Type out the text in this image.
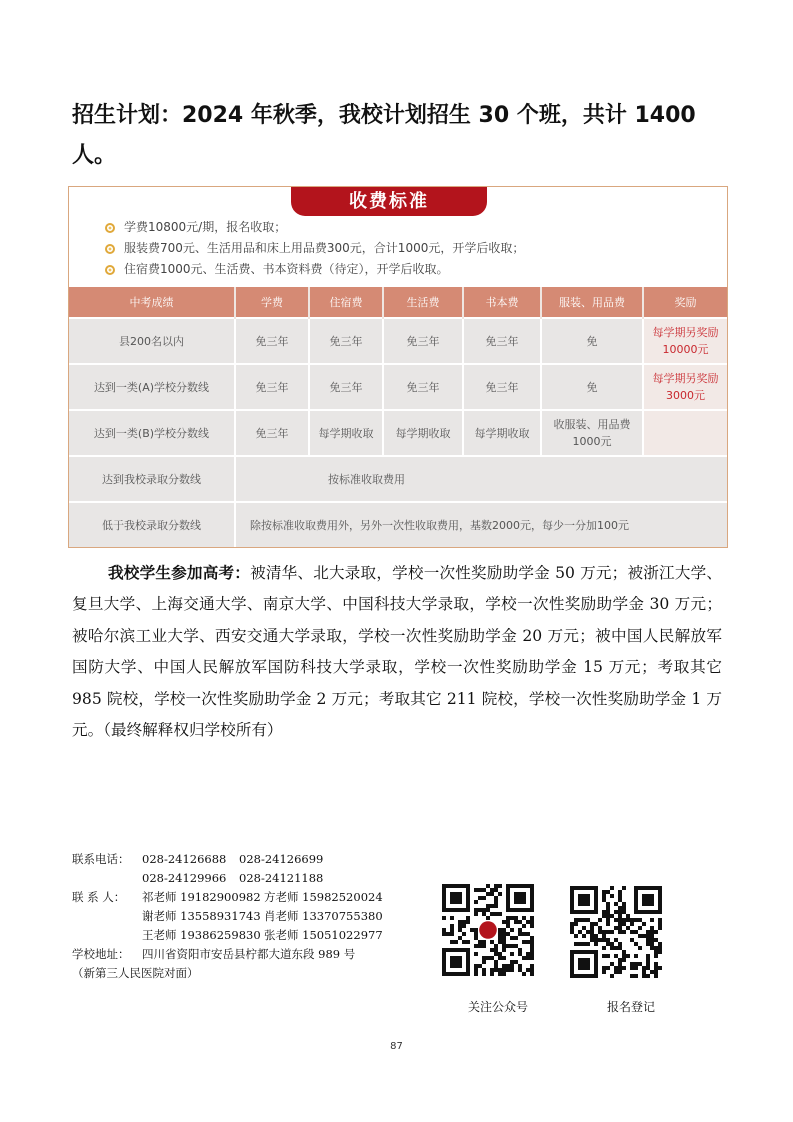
招生计划：2024 年秋季，我校计划招生 30 个班，共计 1400 人。

收费标准
学费10800元/期，报名收取；
服装费700元、生活用品和床上用品费300元，合计1000元，开学后收取；
住宿费1000元、生活费、书本资料费（待定），开学后收取。
中考成绩	学费	住宿费	生活费	书本费	服装、用品费	奖励
县200名以内	免三年	免三年	免三年	免三年	免	每学期另奖励
10000元

达到一类(A)学校分数线	免三年	免三年	免三年	免三年	免	每学期另奖励
3000元

达到一类(B)学校分数线	免三年	每学期收取	每学期收取	每学期收取	收服装、用品费
1000元	

达到我校录取分数线	按标准收取费用					
低于我校录取分数线	除按标准收取费用外，另外一次性收取费用，基数2000元，每少一分加100元					

我校学生参加高考：被清华、北大录取，学校一次性奖励助学金 50 万元；被浙江大学、复旦大学、上海交通大学、南京大学、中国科技大学录取，学校一次性奖励助学金 30 万元；被哈尔滨工业大学、西安交通大学录取，学校一次性奖励助学金 20 万元；被中国人民解放军国防大学、中国人民解放军国防科技大学录取，学校一次性奖励助学金 15 万元；考取其它 985 院校，学校一次性奖励助学金 2 万元；考取其它 211 院校，学校一次性奖励助学金 1 万元。（最终解释权归学校所有）

联系电话： 028-24126688 028-24126699
028-24129966 028-24121188
联 系 人： 祁老师 19182900982 方老师 15982520024
谢老师 13558931743 肖老师 13370755380
王老师 19386259830 张老师 15051022977
学校地址： 四川省资阳市安岳县柠都大道东段 989 号
（新第三人民医院对面）
关注公众号	报名登记
87
